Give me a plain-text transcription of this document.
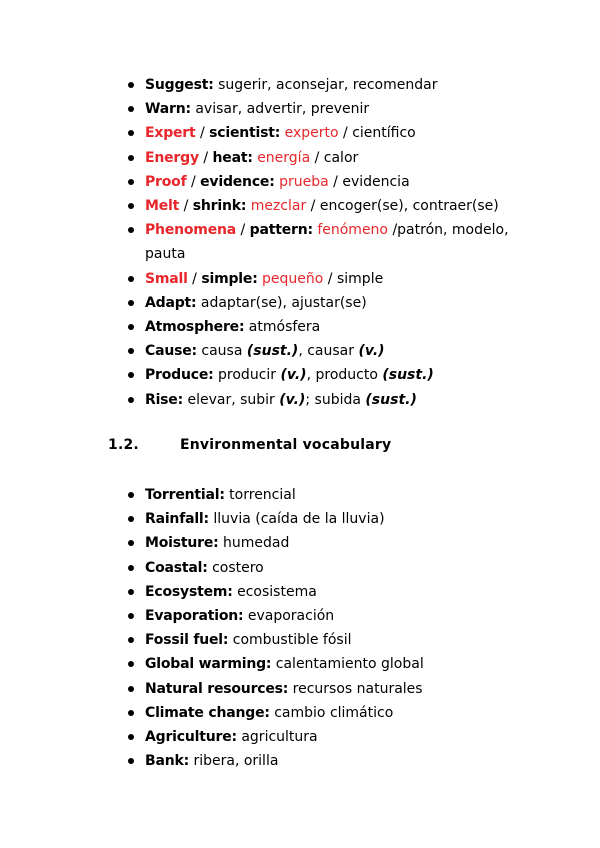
Suggest: sugerir, aconsejar, recomendar
Warn: avisar, advertir, prevenir
Expert / scientist: experto / científico
Energy / heat: energía / calor
Proof / evidence: prueba / evidencia
Melt / shrink: mezclar / encoger(se), contraer(se)
Phenomena / pattern: fenómeno /patrón, modelo, pauta
Small / simple: pequeño / simple
Adapt: adaptar(se), ajustar(se)
Atmosphere: atmósfera
Cause: causa (sust.), causar (v.)
Produce: producir (v.), producto (sust.)
Rise: elevar, subir (v.); subida (sust.)
1.2.	Environmental vocabulary
Torrential: torrencial
Rainfall: lluvia (caída de la lluvia)
Moisture: humedad
Coastal: costero
Ecosystem: ecosistema
Evaporation: evaporación
Fossil fuel: combustible fósil
Global warming: calentamiento global
Natural resources: recursos naturales
Climate change: cambio climático
Agriculture: agricultura
Bank: ribera, orilla
